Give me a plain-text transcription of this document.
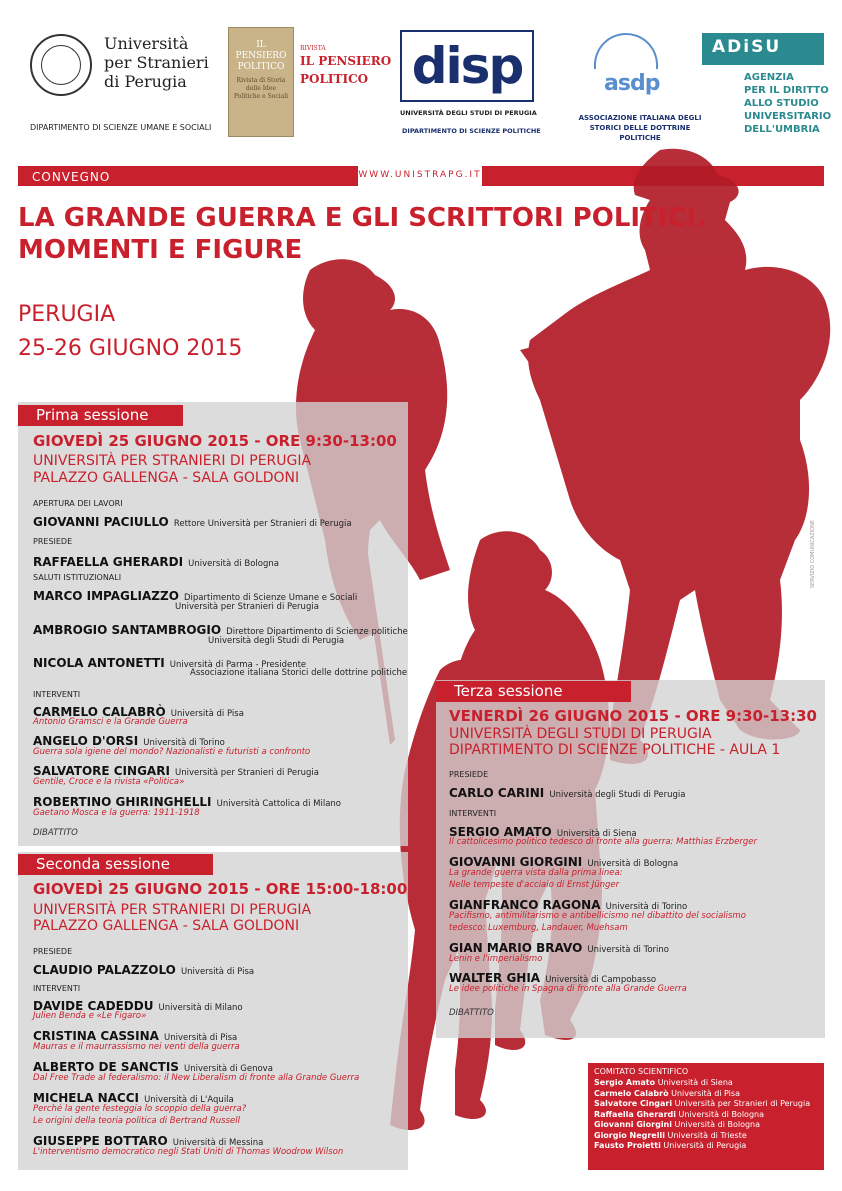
Università
per Stranieri
di Perugia
DIPARTIMENTO DI SCIENZE UMANE E SOCIALI
IL PENSIERO POLITICO
Rivista di Storia delle Idee Politiche e Sociali
RIVISTA
IL PENSIERO
POLITICO disp
UNIVERSITÀ DEGLI STUDI DI PERUGIA
DIPARTIMENTO DI SCIENZE POLITICHE
asdp
ASSOCIAZIONE ITALIANA DEGLI
STORICI DELLE DOTTRINE POLITICHE
ADiSU
AGENZIA
PER IL DIRITTO
ALLO STUDIO
UNIVERSITARIO
DELL'UMBRIA
CONVEGNO	WWW.UNISTRAPG.IT
LA GRANDE GUERRA E GLI SCRITTORI POLITICI.
MOMENTI E FIGURE
PERUGIA
25-26 GIUGNO 2015
SERVIZIO COMUNICAZIONE
Prima sessione
GIOVEDÌ 25 GIUGNO 2015 - ORE 9:30-13:00
UNIVERSITÀ PER STRANIERI DI PERUGIA
PALAZZO GALLENGA - SALA GOLDONI
APERTURA DEI LAVORI
GIOVANNI PACIULLO Rettore Università per Stranieri di Perugia
PRESIEDE
RAFFAELLA GHERARDI Università di Bologna
SALUTI ISTITUZIONALI
MARCO IMPAGLIAZZO Dipartimento di Scienze Umane e Sociali
Università per Stranieri di Perugia
AMBROGIO SANTAMBROGIO Direttore Dipartimento di Scienze politiche
Università degli Studi di Perugia
NICOLA ANTONETTI Università di Parma - Presidente
Associazione italiana Storici delle dottrine politiche
INTERVENTI
CARMELO CALABRÒ Università di Pisa
Antonio Gramsci e la Grande Guerra
ANGELO D'ORSI Università di Torino
Guerra sola igiene del mondo? Nazionalisti e futuristi a confronto
SALVATORE CINGARI Università per Stranieri di Perugia
Gentile, Croce e la rivista «Politica»
ROBERTINO GHIRINGHELLI Università Cattolica di Milano
Gaetano Mosca e la guerra: 1911-1918
DIBATTITO
Seconda sessione
GIOVEDÌ 25 GIUGNO 2015 - ORE 15:00-18:00
UNIVERSITÀ PER STRANIERI DI PERUGIA
PALAZZO GALLENGA - SALA GOLDONI
PRESIEDE
CLAUDIO PALAZZOLO Università di Pisa
INTERVENTI
DAVIDE CADEDDU Università di Milano
Julien Benda e «Le Figaro»
CRISTINA CASSINA Università di Pisa
Maurras e il maurrassismo nei venti della guerra
ALBERTO DE SANCTIS Università di Genova
Dal Free Trade al federalismo: il New Liberalism di fronte alla Grande Guerra
MICHELA NACCI Università di L'Aquila
Perché la gente festeggia lo scoppio della guerra?
Le origini della teoria politica di Bertrand Russell
GIUSEPPE BOTTARO Università di Messina
L'interventismo democratico negli Stati Uniti di Thomas Woodrow Wilson
Terza sessione
VENERDÌ 26 GIUGNO 2015 - ORE 9:30-13:30
UNIVERSITÀ DEGLI STUDI DI PERUGIA
DIPARTIMENTO DI SCIENZE POLITICHE - AULA 1
PRESIEDE
CARLO CARINI Università degli Studi di Perugia
INTERVENTI
SERGIO AMATO Università di Siena
Il cattolicesimo politico tedesco di fronte alla guerra: Matthias Erzberger
GIOVANNI GIORGINI Università di Bologna
La grande guerra vista dalla prima linea:
Nelle tempeste d'acciaio di Ernst Jünger
GIANFRANCO RAGONA Università di Torino
Pacifismo, antimilitarismo e antibellicismo nel dibattito del socialismo
tedesco: Luxemburg, Landauer, Muehsam
GIAN MARIO BRAVO Università di Torino
Lenin e l'imperialismo
WALTER GHIA Università di Campobasso
Le idee politiche in Spagna di fronte alla Grande Guerra
DIBATTITO
COMITATO SCIENTIFICO
Sergio Amato Università di Siena
Carmelo Calabrò Università di Pisa
Salvatore Cingari Università per Stranieri di Perugia
Raffaella Gherardi Università di Bologna
Giovanni Giorgini Università di Bologna
Giorgio Negrelli Università di Trieste
Fausto Proietti Università di Perugia
